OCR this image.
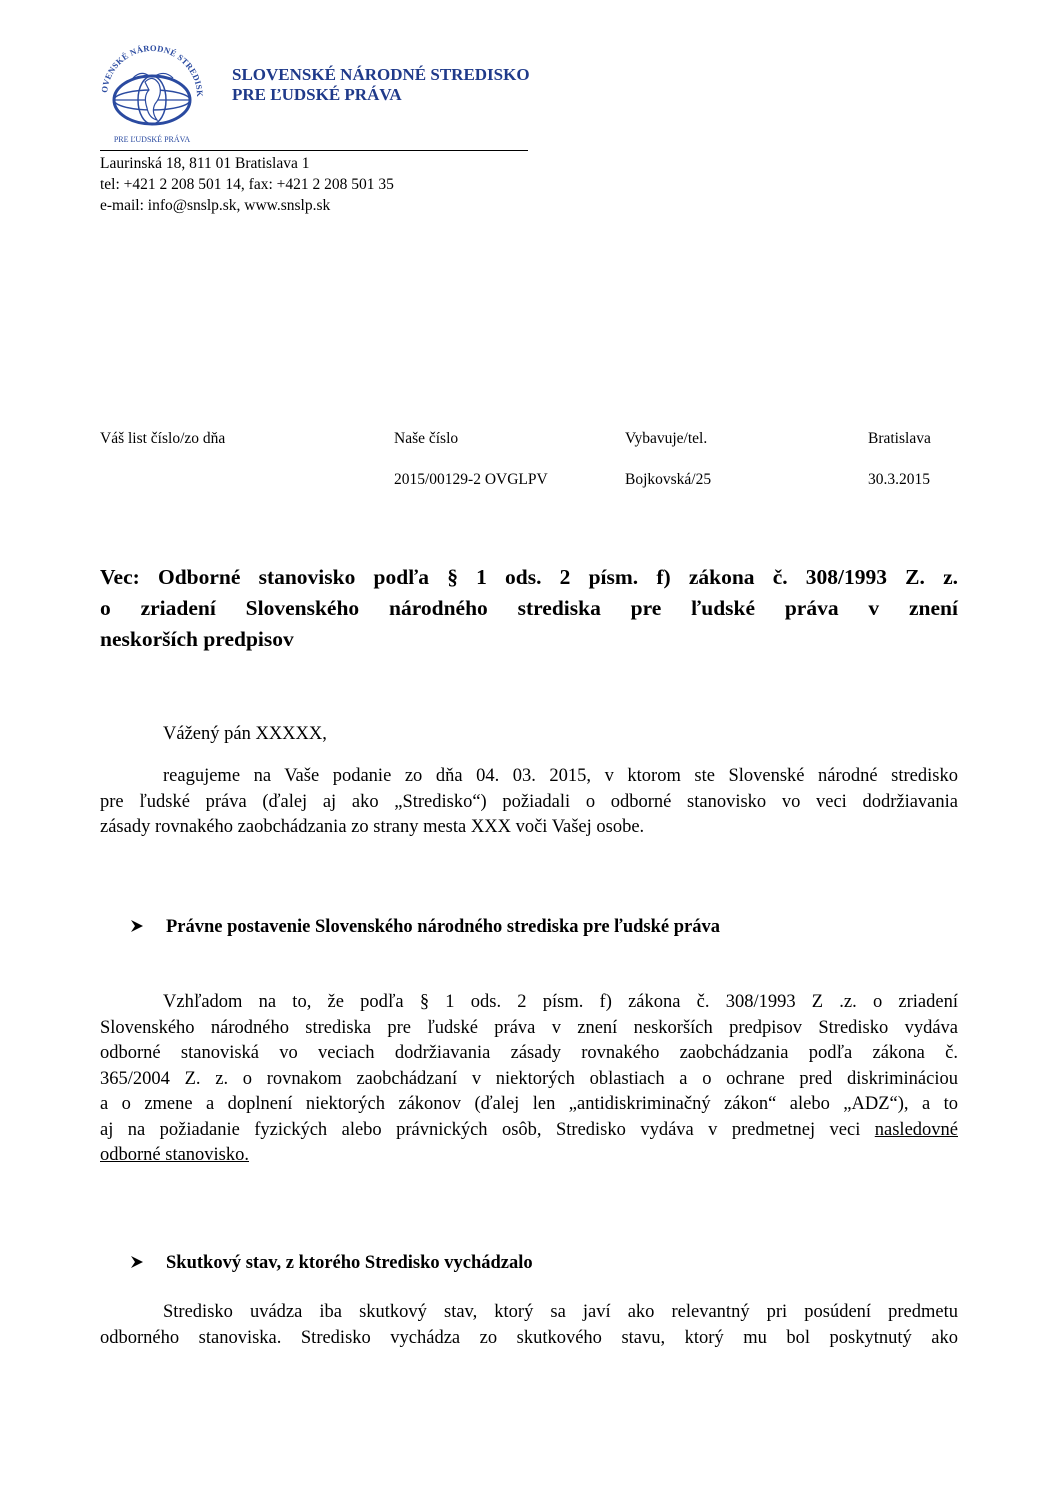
OVENSKÉ NÁRODNÉ STREDISK
PRE ĽUDSKÉ PRÁVA
SLOVENSKÉ NÁRODNÉ STREDISKO
PRE ĽUDSKÉ PRÁVA
Laurinská 18, 811 01 Bratislava 1
tel: +421 2 208 501 14, fax: +421 2 208 501 35
e-mail: info@snslp.sk, www.snslp.sk
Váš list číslo/zo dňa	Naše číslo
2015/00129-2 OVGLPV
Vybavuje/tel.
Bojkovská/25
Bratislava
30.3.2015
Vec: Odborné stanovisko podľa § 1 ods. 2 písm. f) zákona č. 308/1993 Z. z.
o zriadení Slovenského národného strediska pre ľudské práva v znení
neskorších predpisov
Vážený pán XXXXX,
reagujeme na Vaše podanie zo dňa 04. 03. 2015, v ktorom ste Slovenské národné stredisko
pre ľudské práva (ďalej aj ako „Stredisko“) požiadali o odborné stanovisko vo veci dodržiavania
zásady rovnakého zaobchádzania zo strany mesta XXX voči Vašej osobe.
Právne postavenie Slovenského národného strediska pre ľudské práva
Vzhľadom na to, že podľa § 1 ods. 2 písm. f) zákona č. 308/1993 Z .z. o zriadení
Slovenského národného strediska pre ľudské práva v znení neskorších predpisov Stredisko vydáva
odborné stanoviská vo veciach dodržiavania zásady rovnakého zaobchádzania podľa zákona č.
365/2004 Z. z. o rovnakom zaobchádzaní v niektorých oblastiach a o ochrane pred diskrimináciou
a o zmene a doplnení niektorých zákonov (ďalej len „antidiskriminačný zákon“ alebo „ADZ“), a to
aj na požiadanie fyzických alebo právnických osôb, Stredisko vydáva v predmetnej veci nasledovné
odborné stanovisko.
Skutkový stav, z ktorého Stredisko vychádzalo
Stredisko uvádza iba skutkový stav, ktorý sa javí ako relevantný pri posúdení predmetu
odborného stanoviska. Stredisko vychádza zo skutkového stavu, ktorý mu bol poskytnutý ako
